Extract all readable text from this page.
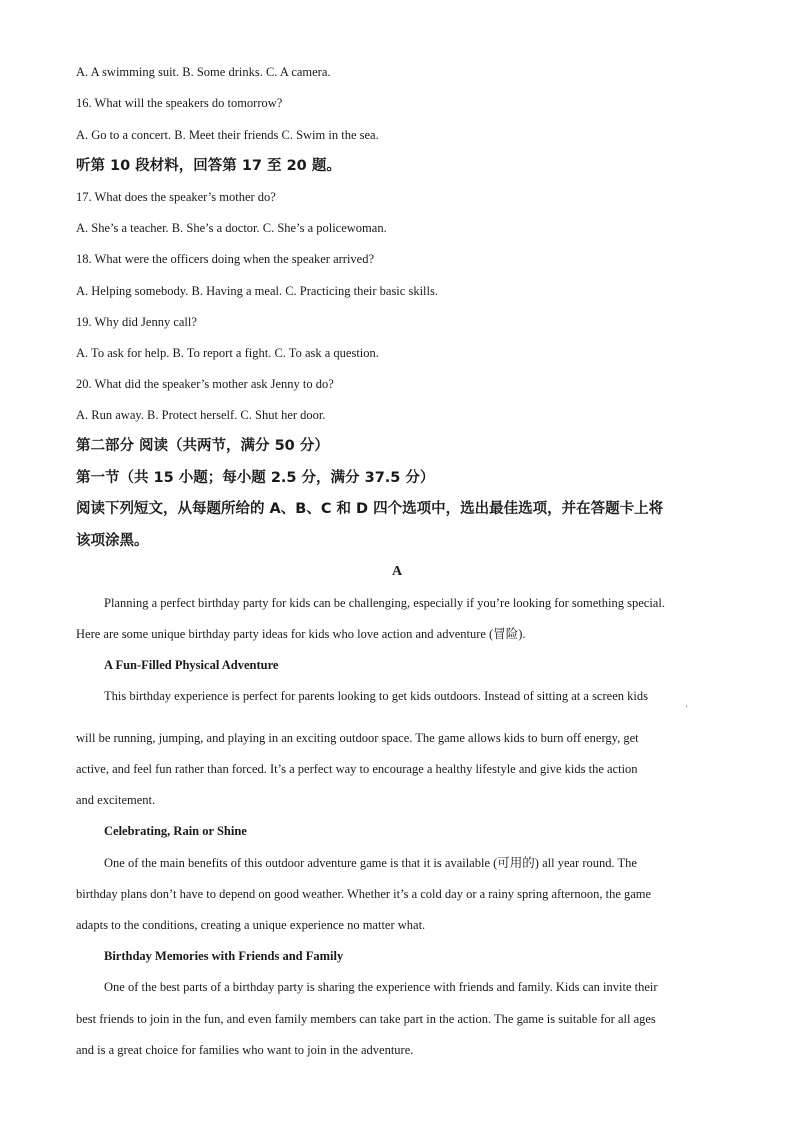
A. A swimming suit. B. Some drinks. C. A camera.
16. What will the speakers do tomorrow?
A. Go to a concert. B. Meet their friends C. Swim in the sea.
听第 10 段材料，回答第 17 至 20 题。
17. What does the speaker’s mother do?
A. She’s a teacher. B. She’s a doctor. C. She’s a policewoman.
18. What were the officers doing when the speaker arrived?
A. Helping somebody. B. Having a meal. C. Practicing their basic skills.
19. Why did Jenny call?
A. To ask for help. B. To report a fight. C. To ask a question.
20. What did the speaker’s mother ask Jenny to do?
A. Run away. B. Protect herself. C. Shut her door.
第二部分 阅读（共两节，满分 50 分）
第一节（共 15 小题；每小题 2.5 分，满分 37.5 分）
阅读下列短文，从每题所给的 A、B、C 和 D 四个选项中，选出最佳选项，并在答题卡上将
该项涂黑。
A
Planning a perfect birthday party for kids can be challenging, especially if you’re looking for something special.
Here are some unique birthday party ideas for kids who love action and adventure (冒险).
A Fun-Filled Physical Adventure
This birthday experience is perfect for parents looking to get kids outdoors. Instead of sitting at a screen kids
'
will be running, jumping, and playing in an exciting outdoor space. The game allows kids to burn off energy, get
active, and feel fun rather than forced. It’s a perfect way to encourage a healthy lifestyle and give kids the action
and excitement.
Celebrating, Rain or Shine
One of the main benefits of this outdoor adventure game is that it is available (可用的) all year round. The
birthday plans don’t have to depend on good weather. Whether it’s a cold day or a rainy spring afternoon, the game
adapts to the conditions, creating a unique experience no matter what.
Birthday Memories with Friends and Family
One of the best parts of a birthday party is sharing the experience with friends and family. Kids can invite their
best friends to join in the fun, and even family members can take part in the action. The game is suitable for all ages
and is a great choice for families who want to join in the adventure.
